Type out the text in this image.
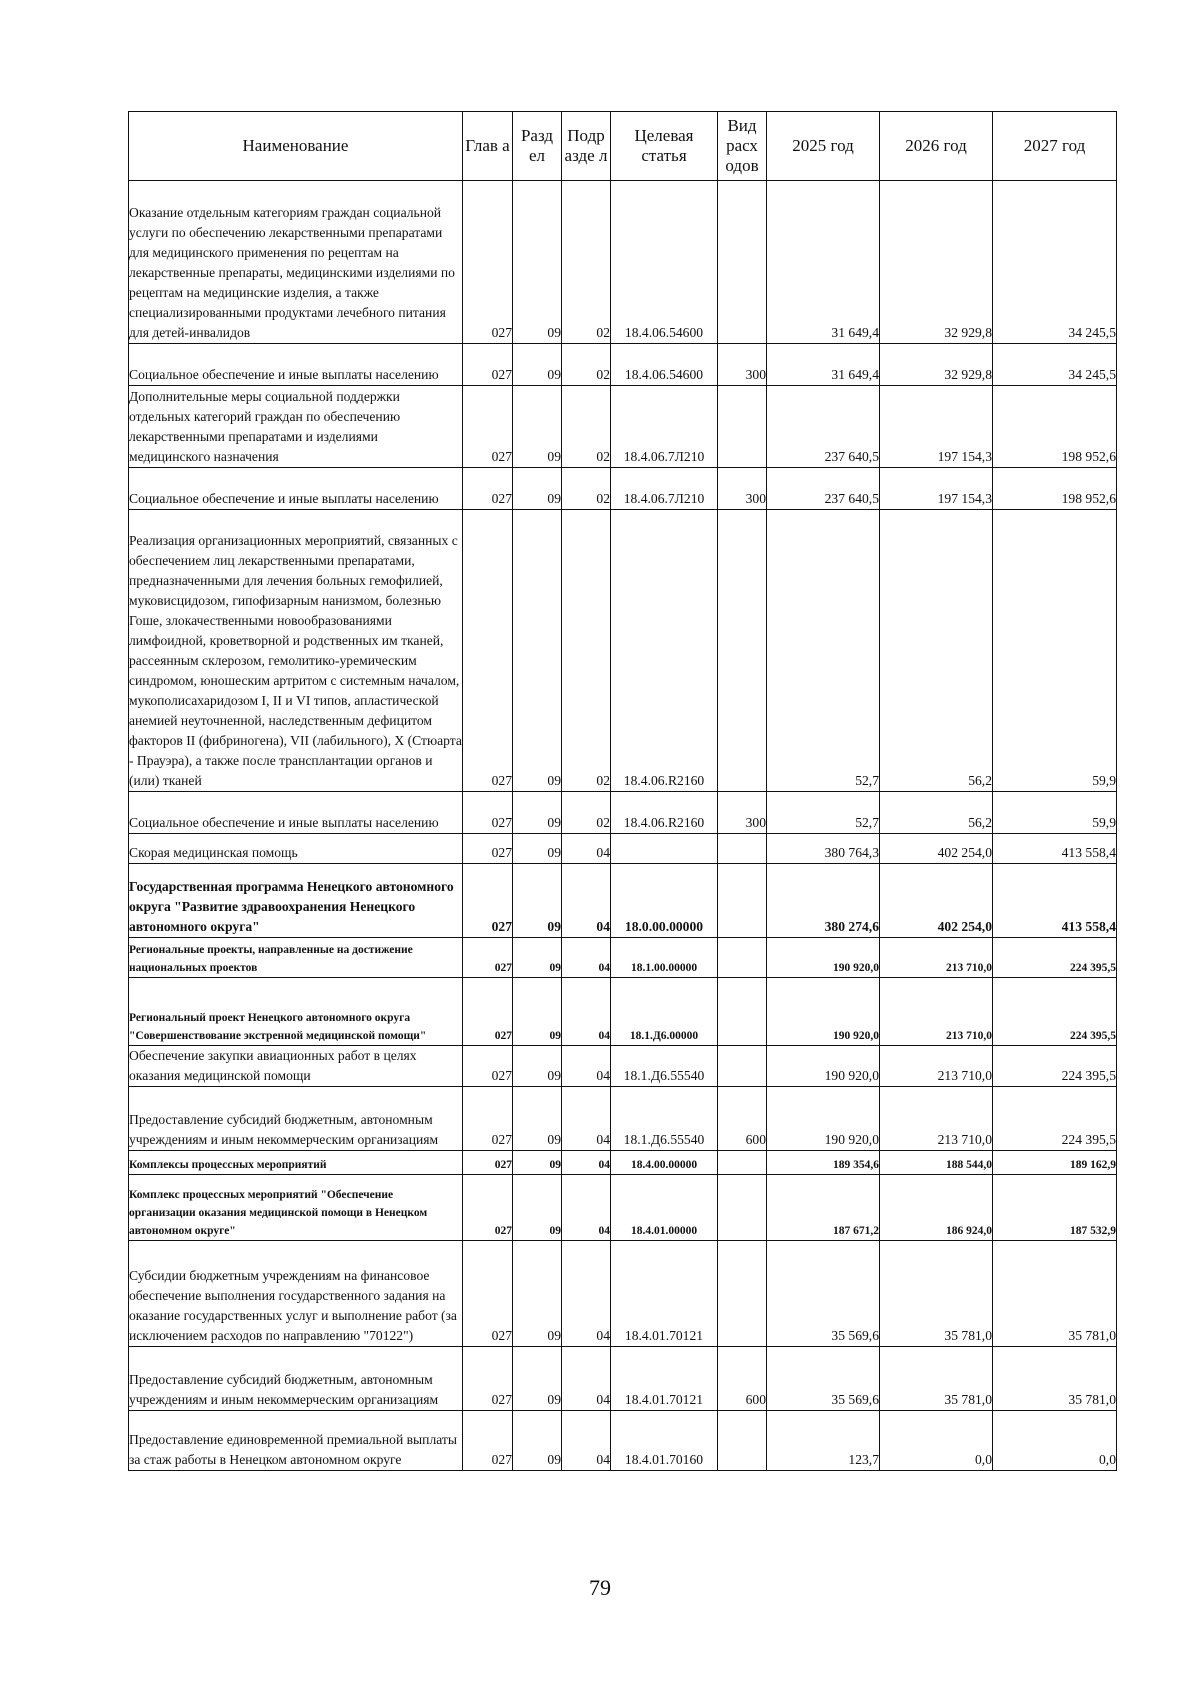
Наименование	Глав а	Разд ел	Подр азде л	Целевая статья	Вид расх одов	2025 год	2026 год	2027 год
Оказание отдельным категориям граждан социальной услуги по обеспечению лекарственными препаратами для медицинского применения по рецептам на лекарственные препараты, медицинскими изделиями по рецептам на медицинские изделия, а также специализированными продуктами лечебного питания для детей-инвалидов	027	09	02	18.4.06.54600		31 649,4	32 929,8	34 245,5
Социальное обеспечение и иные выплаты населению	027	09	02	18.4.06.54600	300	31 649,4	32 929,8	34 245,5
Дополнительные меры социальной поддержки отдельных категорий граждан по обеспечению лекарственными препаратами и изделиями медицинского назначения	027	09	02	18.4.06.7Л210		237 640,5	197 154,3	198 952,6
Социальное обеспечение и иные выплаты населению	027	09	02	18.4.06.7Л210	300	237 640,5	197 154,3	198 952,6
Реализация организационных мероприятий, связанных с обеспечением лиц лекарственными препаратами, предназначенными для лечения больных гемофилией, муковисцидозом, гипофизарным нанизмом, болезнью Гоше, злокачественными новообразованиями лимфоидной, кроветворной и родственных им тканей, рассеянным склерозом, гемолитико-уремическим синдромом, юношеским артритом с системным началом, мукополисахаридозом I, II и VI типов, апластической анемией неуточненной, наследственным дефицитом факторов II (фибриногена), VII (лабильного), X (Стюарта - Прауэра), а также после трансплантации органов и (или) тканей	027	09	02	18.4.06.R2160		52,7	56,2	59,9
Социальное обеспечение и иные выплаты населению	027	09	02	18.4.06.R2160	300	52,7	56,2	59,9
Скорая медицинская помощь	027	09	04			380 764,3	402 254,0	413 558,4
Государственная программа Ненецкого автономного округа "Развитие здравоохранения Ненецкого автономного округа"	027	09	04	18.0.00.00000		380 274,6	402 254,0	413 558,4
Региональные проекты, направленные на достижение национальных проектов	027	09	04	18.1.00.00000		190 920,0	213 710,0	224 395,5
Региональный проект Ненецкого автономного округа "Совершенствование экстренной медицинской помощи"	027	09	04	18.1.Д6.00000		190 920,0	213 710,0	224 395,5
Обеспечение закупки авиационных работ в целях оказания медицинской помощи	027	09	04	18.1.Д6.55540		190 920,0	213 710,0	224 395,5
Предоставление субсидий бюджетным, автономным учреждениям и иным некоммерческим организациям	027	09	04	18.1.Д6.55540	600	190 920,0	213 710,0	224 395,5
Комплексы процессных мероприятий	027	09	04	18.4.00.00000		189 354,6	188 544,0	189 162,9
Комплекс процессных мероприятий "Обеспечение организации оказания медицинской помощи в Ненецком автономном округе"	027	09	04	18.4.01.00000		187 671,2	186 924,0	187 532,9
Субсидии бюджетным учреждениям на финансовое обеспечение выполнения государственного задания на оказание государственных услуг и выполнение работ (за исключением расходов по направлению "70122")	027	09	04	18.4.01.70121		35 569,6	35 781,0	35 781,0
Предоставление субсидий бюджетным, автономным учреждениям и иным некоммерческим организациям	027	09	04	18.4.01.70121	600	35 569,6	35 781,0	35 781,0
Предоставление единовременной премиальной выплаты за стаж работы в Ненецком автономном округе	027	09	04	18.4.01.70160		123,7	0,0	0,0
79
